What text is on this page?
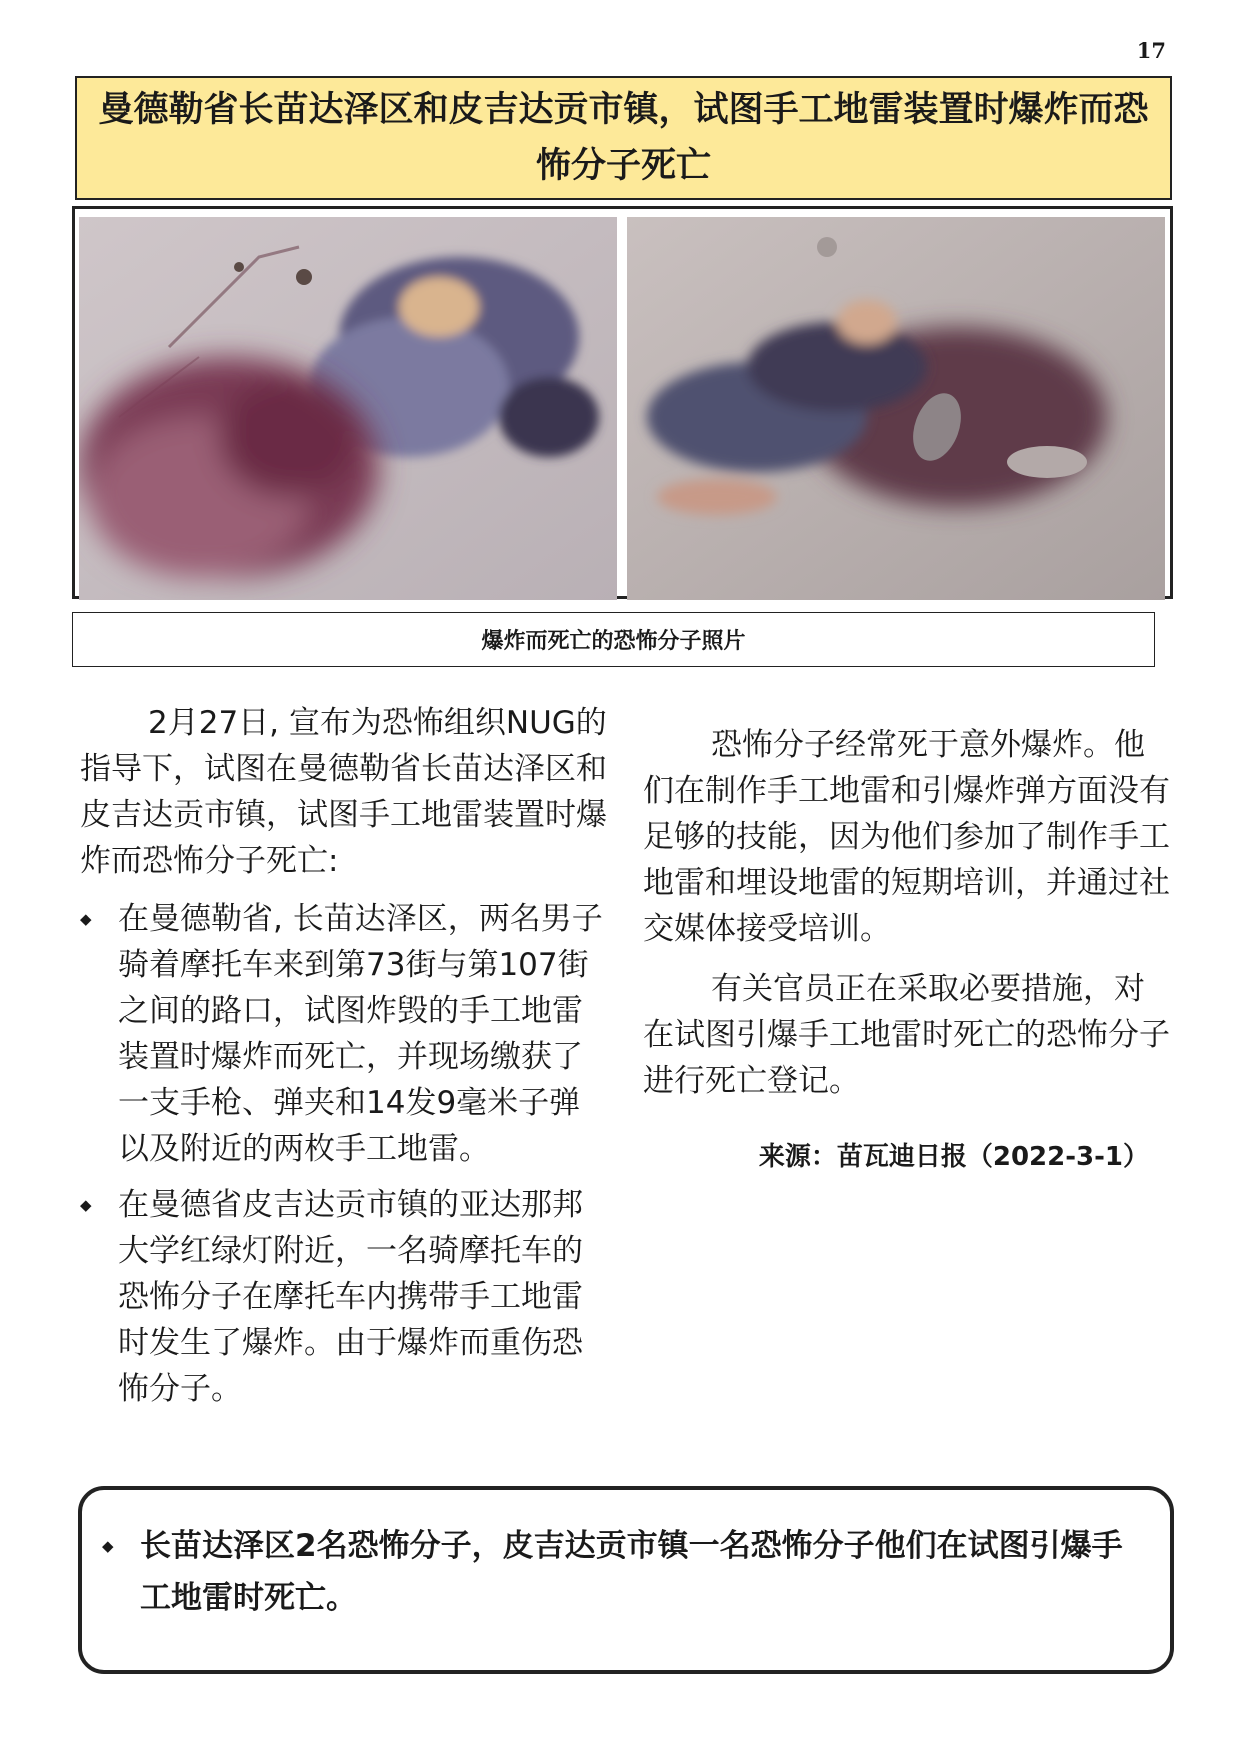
17
曼德勒省长苗达泽区和皮吉达贡市镇，试图手工地雷装置时爆炸而恐怖分子死亡
爆炸而死亡的恐怖分子照片

2月27日, 宣布为恐怖组织NUG的指导下，试图在曼德勒省长苗达泽区和皮吉达贡市镇，试图手工地雷装置时爆炸而恐怖分子死亡:

◆
在曼德勒省, 长苗达泽区，两名男子骑着摩托车来到第73街与第107街之间的路口，试图炸毁的手工地雷装置时爆炸而死亡，并现场缴获了一支手枪、弹夹和14发9毫米子弹以及附近的两枚手工地雷。
◆
在曼德省皮吉达贡市镇的亚达那邦大学红绿灯附近，一名骑摩托车的恐怖分子在摩托车内携带手工地雷时发生了爆炸。由于爆炸而重伤恐怖分子。

恐怖分子经常死于意外爆炸。他们在制作手工地雷和引爆炸弹方面没有足够的技能，因为他们参加了制作手工地雷和埋设地雷的短期培训，并通过社交媒体接受培训。

有关官员正在采取必要措施，对在试图引爆手工地雷时死亡的恐怖分子进行死亡登记。

来源：苗瓦迪日报（2022-3-1）

◆
长苗达泽区2名恐怖分子，皮吉达贡市镇一名恐怖分子他们在试图引爆手工地雷时死亡。
